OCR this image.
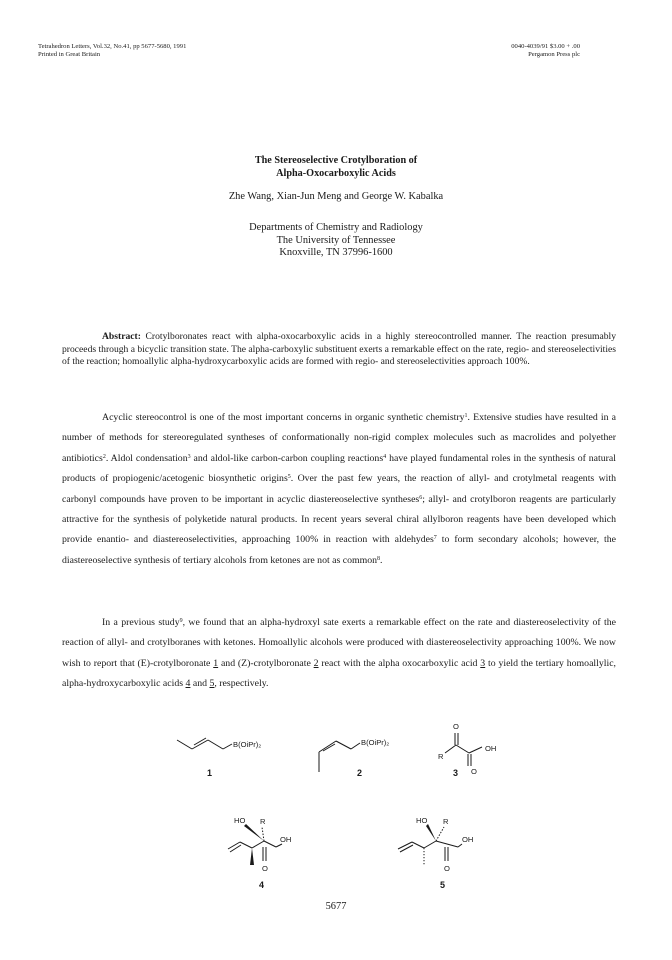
Tetrahedron Letters, Vol.32, No.41, pp 5677-5680, 1991
Printed in Great Britain
0040-4039/91 $3.00 + .00
Pergamon Press plc
The Stereoselective Crotylboration of
Alpha-Oxocarboxylic Acids
Zhe Wang, Xian-Jun Meng and George W. Kabalka
Departments of Chemistry and Radiology
The University of Tennessee
Knoxville, TN 37996-1600
Abstract: Crotylboronates react with alpha-oxocarboxylic acids in a highly stereocontrolled manner. The reaction presumably proceeds through a bicyclic transition state. The alpha-carboxylic substituent exerts a remarkable effect on the rate, regio- and stereoselectivities of the reaction; homoallylic alpha-hydroxycarboxylic acids are formed with regio- and stereoselectivities approach 100%.
Acyclic stereocontrol is one of the most important concerns in organic synthetic chemistry$^1$. Extensive studies have resulted in a number of methods for stereoregulated syntheses of conformationally non-rigid complex molecules such as macrolides and polyether antibiotics$^2$. Aldol condensation$^3$ and aldol-like carbon-carbon coupling reactions$^4$ have played fundamental roles in the synthesis of natural products of propiogenic/acetogenic biosynthetic origins$^5$. Over the past few years, the reaction of allyl- and crotylmetal reagents with carbonyl compounds have proven to be important in acyclic diastereoselective syntheses$^6$; allyl- and crotylboron reagents are particularly attractive for the synthesis of polyketide natural products. In recent years several chiral allylboron reagents have been developed which provide enantio- and diastereoselectivities, approaching 100% in reaction with aldehydes$^7$ to form secondary alcohols; however, the diastereoselective synthesis of tertiary alcohols from ketones are not as common$^8$.
In a previous study$^9$, we found that an alpha-hydroxyl sate exerts a remarkable effect on the rate and diastereoselectivity of the reaction of allyl- and crotylboranes with ketones. Homoallylic alcohols were produced with diastereoselectivity approaching 100%. We now wish to report that (E)-crotylboronate 1 and (Z)-crotylboronate 2 react with the alpha oxocarboxylic acid 3 to yield the tertiary homoallylic, alpha-hydroxycarboxylic acids 4 and 5, respectively.
B(OiPr)₂
1
B(OiPr)₂
2
O
R
OH
3 O
HO R
OH
O
4
HO R
OH
O
5
5677
